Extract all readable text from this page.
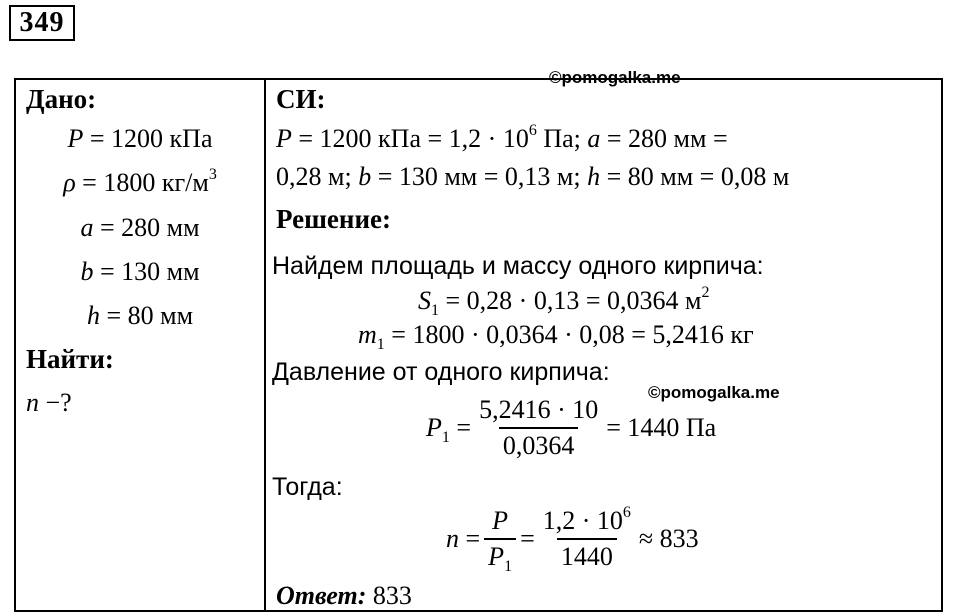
349
Дано:
P = 1200 кПа
ρ = 1800 $кг/м^3$
a = 280 мм
b = 130 мм
h = 80 мм
Найти:
n −?
СИ:
P = 1200 кПа = $1,2 \cdot 10^6$ Па; a = 280 мм =
0,28 м; b = 130 мм = 0,13 м; h = 80 мм = 0,08 м
Решение:
Найдем площадь и массу одного кирпича:
$S_1 = 0,28 \cdot 0,13 = 0,0364$ $м^2$
$m_1 = 1800 \cdot 0,0364 \cdot 0,08 = 5,2416$ кг
Давление от одного кирпича:
$P_1 = \frac{5,2416 \cdot 10}{0,0364} = 1440$ Па
Тогда:
$n = \frac{P}{P_1} = \frac{1,2 \cdot 10^6}{1440} \approx 833$
Ответ: 833
©pomogalka.me
©pomogalka.me
